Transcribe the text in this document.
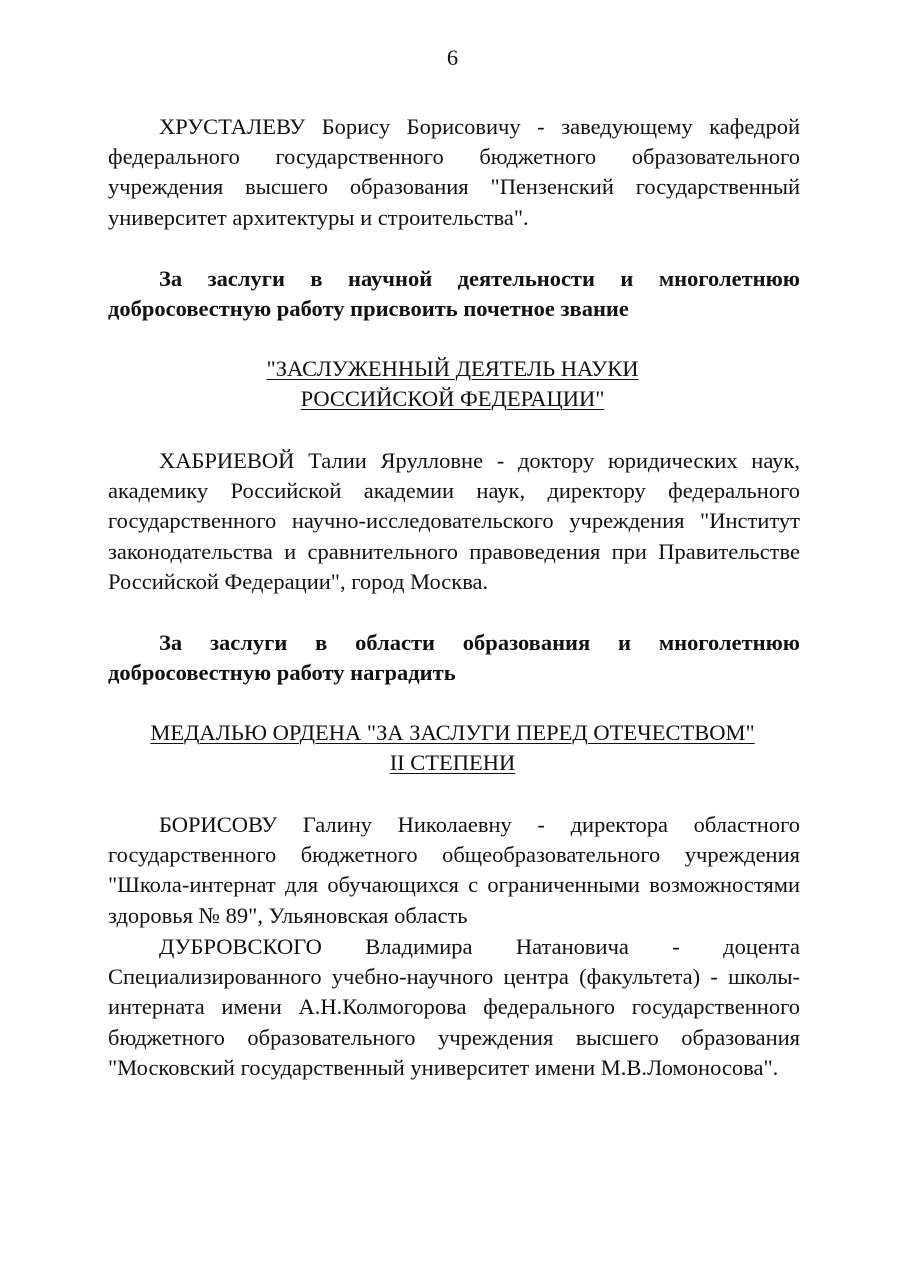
6

ХРУСТАЛЕВУ Борису Борисовичу - заведующему кафедрой федерального государственного бюджетного образовательного учреждения высшего образования "Пензенский государственный университет архитектуры и строительства".

За заслуги в научной деятельности и многолетнюю добросовестную работу присвоить почетное звание

"ЗАСЛУЖЕННЫЙ ДЕЯТЕЛЬ НАУКИ
РОССИЙСКОЙ ФЕДЕРАЦИИ"

ХАБРИЕВОЙ Талии Ярулловне - доктору юридических наук, академику Российской академии наук, директору федерального государственного научно-исследовательского учреждения "Институт законодательства и сравнительного правоведения при Правительстве Российской Федерации", город Москва.

За заслуги в области образования и многолетнюю добросовестную работу наградить

МЕДАЛЬЮ ОРДЕНА "ЗА ЗАСЛУГИ ПЕРЕД ОТЕЧЕСТВОМ"
II СТЕПЕНИ

БОРИСОВУ Галину Николаевну - директора областного государственного бюджетного общеобразовательного учреждения "Школа-интернат для обучающихся с ограниченными возможностями здоровья № 89", Ульяновская область

ДУБРОВСКОГО Владимира Натановича - доцента Специализированного учебно-научного центра (факультета) - школы-интерната имени А.Н.Колмогорова федерального государственного бюджетного образовательного учреждения высшего образования "Московский государственный университет имени М.В.Ломоносова".
